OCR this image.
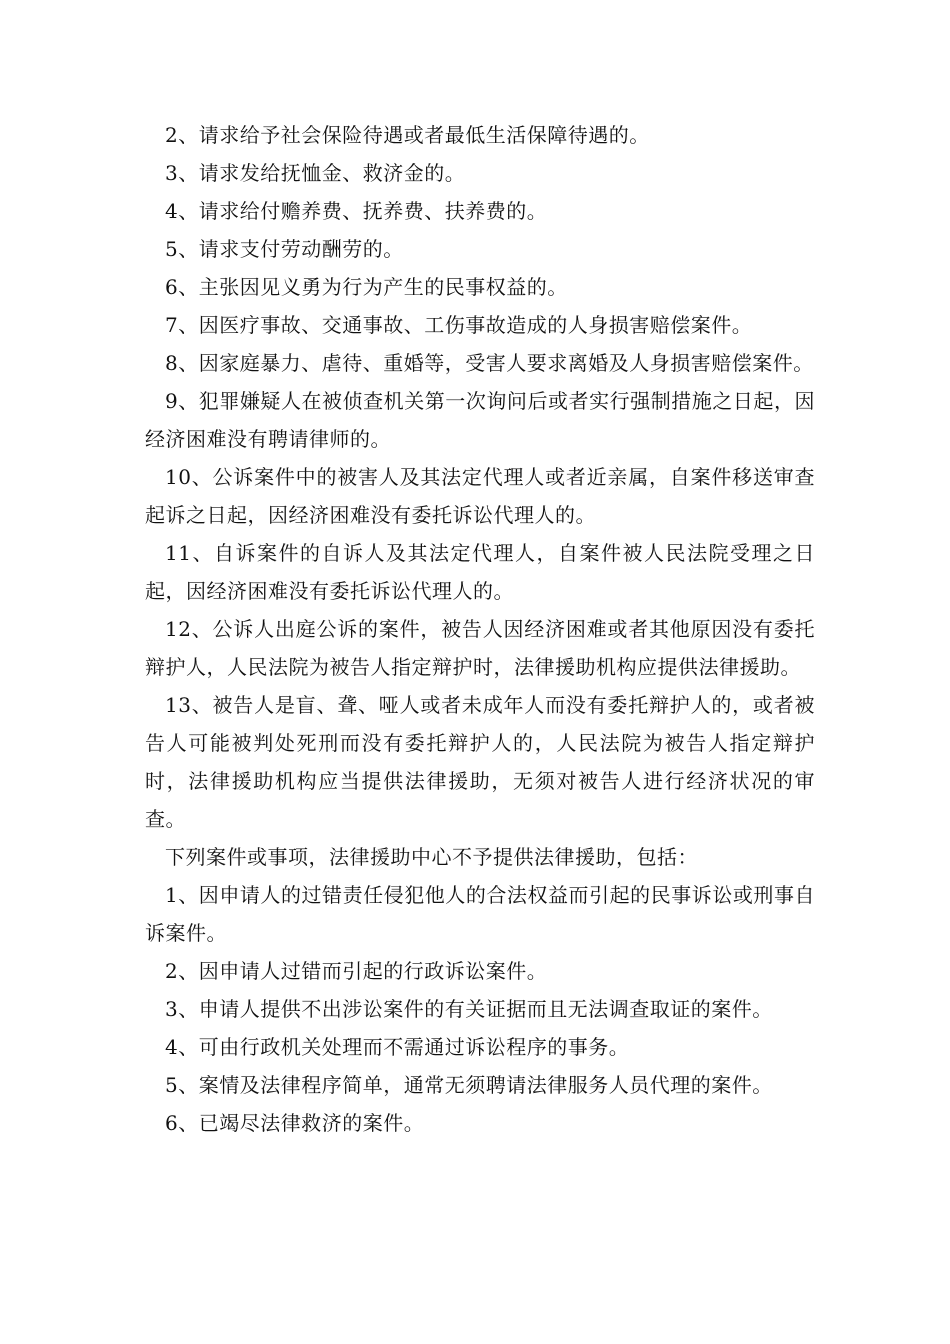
2、请求给予社会保险待遇或者最低生活保障待遇的。

3、请求发给抚恤金、救济金的。

4、请求给付赡养费、抚养费、扶养费的。

5、请求支付劳动酬劳的。

6、主张因见义勇为行为产生的民事权益的。

7、因医疗事故、交通事故、工伤事故造成的人身损害赔偿案件。

8、因家庭暴力、虐待、重婚等，受害人要求离婚及人身损害赔偿案件。

9、犯罪嫌疑人在被侦查机关第一次询问后或者实行强制措施之日起，因经济困难没有聘请律师的。

10、公诉案件中的被害人及其法定代理人或者近亲属，自案件移送审查起诉之日起，因经济困难没有委托诉讼代理人的。

11、自诉案件的自诉人及其法定代理人，自案件被人民法院受理之日起，因经济困难没有委托诉讼代理人的。

12、公诉人出庭公诉的案件，被告人因经济困难或者其他原因没有委托辩护人，人民法院为被告人指定辩护时，法律援助机构应提供法律援助。

13、被告人是盲、聋、哑人或者未成年人而没有委托辩护人的，或者被告人可能被判处死刑而没有委托辩护人的，人民法院为被告人指定辩护时，法律援助机构应当提供法律援助，无须对被告人进行经济状况的审查。

下列案件或事项，法律援助中心不予提供法律援助，包括：

1、因申请人的过错责任侵犯他人的合法权益而引起的民事诉讼或刑事自诉案件。

2、因申请人过错而引起的行政诉讼案件。

3、申请人提供不出涉讼案件的有关证据而且无法调查取证的案件。

4、可由行政机关处理而不需通过诉讼程序的事务。

5、案情及法律程序简单，通常无须聘请法律服务人员代理的案件。

6、已竭尽法律救济的案件。
